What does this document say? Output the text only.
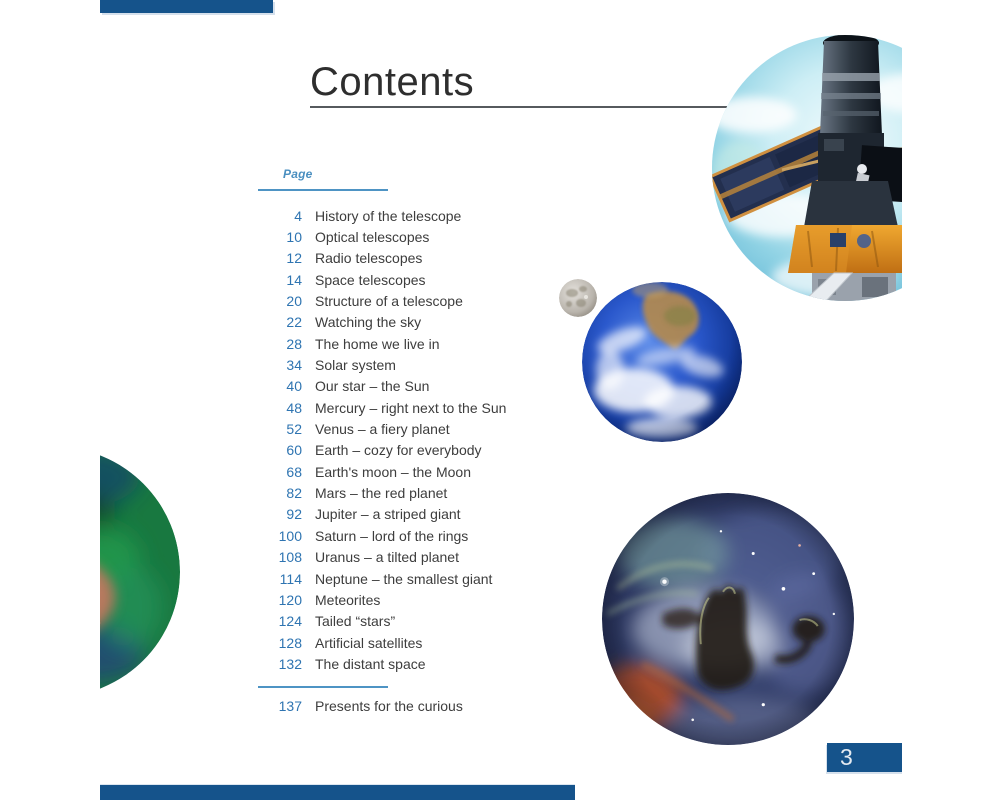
Contents
Page
4 History of the telescope
10 Optical telescopes
12 Radio telescopes
14 Space telescopes
20 Structure of a telescope
22 Watching the sky
28 The home we live in
34 Solar system
40 Our star – the Sun
48 Mercury – right next to the Sun
52 Venus – a fiery planet
60 Earth – cozy for everybody
68 Earth's moon – the Moon
82 Mars – the red planet
92 Jupiter – a striped giant
100 Saturn – lord of the rings
108 Uranus – a tilted planet
114 Neptune – the smallest giant
120 Meteorites
124 Tailed “stars”
128 Artificial satellites
132 The distant space
137 Presents for the curious
3
